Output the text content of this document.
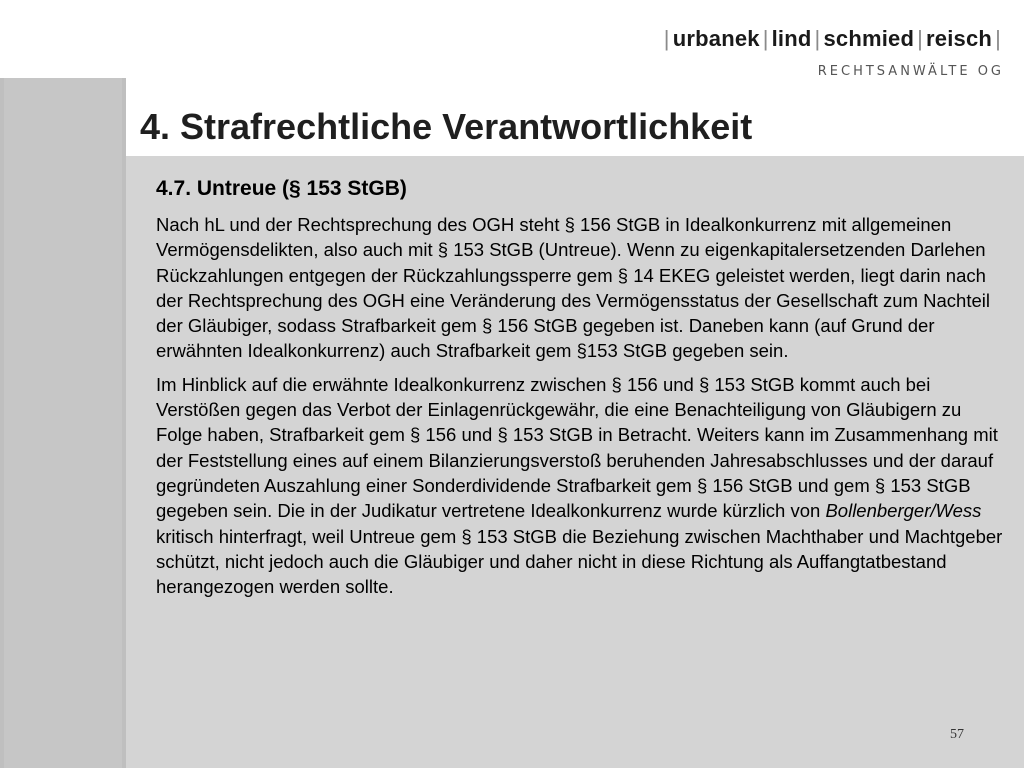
| urbanek | lind | schmied | reisch |
RECHTSANWÄLTE OG
4. Strafrechtliche Verantwortlichkeit
4.7. Untreue (§ 153 StGB)

Nach hL und der Rechtsprechung des OGH steht § 156 StGB in Idealkonkurrenz mit allgemeinen Vermögensdelikten, also auch mit § 153 StGB (Untreue). Wenn zu eigenkapitalersetzenden Darlehen Rückzahlungen entgegen der Rückzahlungssperre gem § 14 EKEG geleistet werden, liegt darin nach der Rechtsprechung des OGH eine Veränderung des Vermögensstatus der Gesellschaft zum Nachteil der Gläubiger, sodass Strafbarkeit gem § 156 StGB gegeben ist. Daneben kann (auf Grund der erwähnten Idealkonkurrenz) auch Strafbarkeit gem §153 StGB gegeben sein.

Im Hinblick auf die erwähnte Idealkonkurrenz zwischen § 156 und § 153 StGB kommt auch bei Verstößen gegen das Verbot der Einlagenrückgewähr, die eine Benachteiligung von Gläubigern zu Folge haben, Strafbarkeit gem § 156 und § 153 StGB in Betracht. Weiters kann im Zusammenhang mit der Feststellung eines auf einem Bilanzierungsverstoß beruhenden Jahresabschlusses und der darauf gegründeten Auszahlung einer Sonderdividende Strafbarkeit gem § 156 StGB und gem § 153 StGB gegeben sein. Die in der Judikatur vertretene Idealkonkurrenz wurde kürzlich von Bollenberger/Wess kritisch hinterfragt, weil Untreue gem § 153 StGB die Beziehung zwischen Machthaber und Machtgeber schützt, nicht jedoch auch die Gläubiger und daher nicht in diese Richtung als Auffangtatbestand herangezogen werden sollte.

57
